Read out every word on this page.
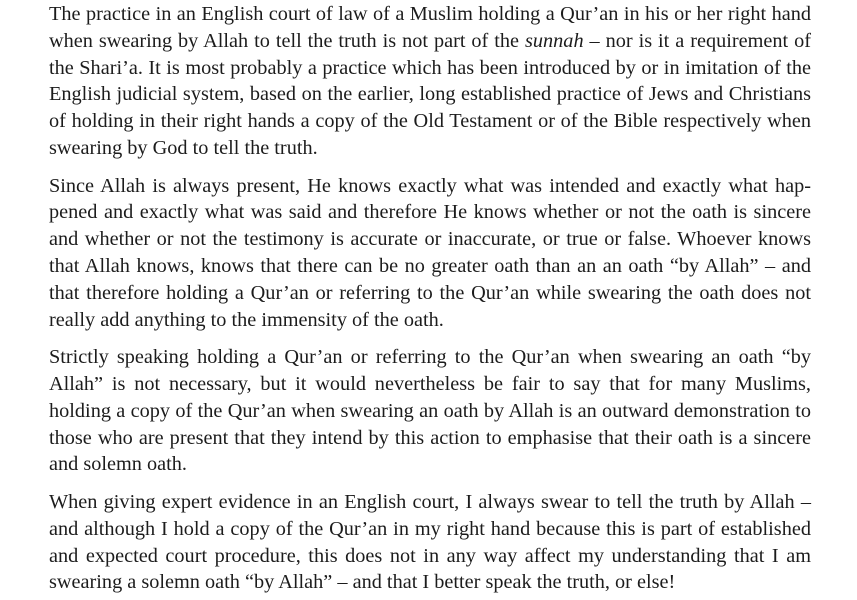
The practice in an English court of law of a Muslim holding a Qur’an in his or her right hand when swearing by Allah to tell the truth is not part of the sunnah – nor is it a requirement of the Shari’a. It is most probably a practice which has been introduced by or in imitation of the English judicial system, based on the earlier, long established practice of Jews and Christians of holding in their right hands a copy of the Old Testament or of the Bible respectively when swearing by God to tell the truth.

Since Allah is always present, He knows exactly what was intended and exactly what happened and exactly what was said and therefore He knows whether or not the oath is sincere and whether or not the testimony is accurate or inaccurate, or true or false. Whoever knows that Allah knows, knows that there can be no greater oath than an an oath “by Allah” – and that therefore holding a Qur’an or referring to the Qur’an while swearing the oath does not really add anything to the immensity of the oath.

Strictly speaking holding a Qur’an or referring to the Qur’an when swearing an oath “by Allah” is not necessary, but it would nevertheless be fair to say that for many Muslims, holding a copy of the Qur’an when swearing an oath by Allah is an outward demonstration to those who are present that they intend by this action to emphasise that their oath is a sincere and solemn oath.

When giving expert evidence in an English court, I always swear to tell the truth by Allah – and although I hold a copy of the Qur’an in my right hand because this is part of established and expected court procedure, this does not in any way affect my understanding that I am swearing a solemn oath “by Allah” – and that I better speak the truth, or else!
